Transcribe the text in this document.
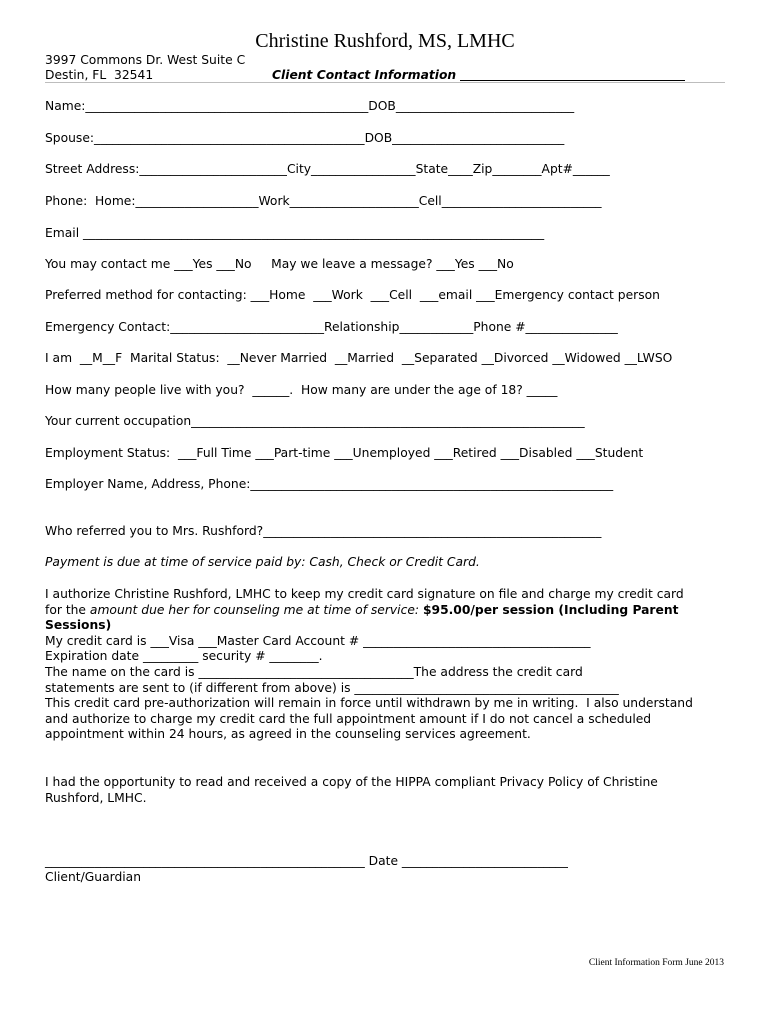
Christine Rushford, MS, LMHC
3997 Commons Dr. West Suite C
Destin, FL  32541	Client Contact Information
Name:______________________________________________DOB_____________________________
Spouse:____________________________________________DOB____________________________
Street Address:________________________City_________________State____Zip________Apt#______
Phone:  Home:____________________Work_____________________Cell__________________________
Email ___________________________________________________________________________
You may contact me ___Yes ___No     May we leave a message? ___Yes ___No
Preferred method for contacting: ___Home  ___Work  ___Cell  ___email ___Emergency contact person
Emergency Contact:_________________________Relationship____________Phone #_______________
I am  __M__F  Marital Status:  __Never Married  __Married  __Separated __Divorced __Widowed __LWSO
How many people live with you?  ______.  How many are under the age of 18? _____
Your current occupation________________________________________________________________
Employment Status:  ___Full Time ___Part-time ___Unemployed ___Retired ___Disabled ___Student
Employer Name, Address, Phone:___________________________________________________________
Who referred you to Mrs. Rushford?_______________________________________________________
Payment is due at time of service paid by: Cash, Check or Credit Card.

I authorize Christine Rushford, LMHC to keep my credit card signature on file and charge my credit card

for the amount due her for counseling me at time of service: $95.00/per session (Including Parent

Sessions)

My credit card is ___Visa ___Master Card Account # _____________________________________

Expiration date _________ security # ________.

The name on the card is ___________________________________The address the credit card

statements are sent to (if different from above) is ___________________________________________

This credit card pre-authorization will remain in force until withdrawn by me in writing.  I also understand

and authorize to charge my credit card the full appointment amount if I do not cancel a scheduled

appointment within 24 hours, as agreed in the counseling services agreement.

I had the opportunity to read and received a copy of the HIPPA compliant Privacy Policy of Christine

Rushford, LMHC.

____________________________________________________ Date ___________________________
Client/Guardian
Client Information Form June 2013
